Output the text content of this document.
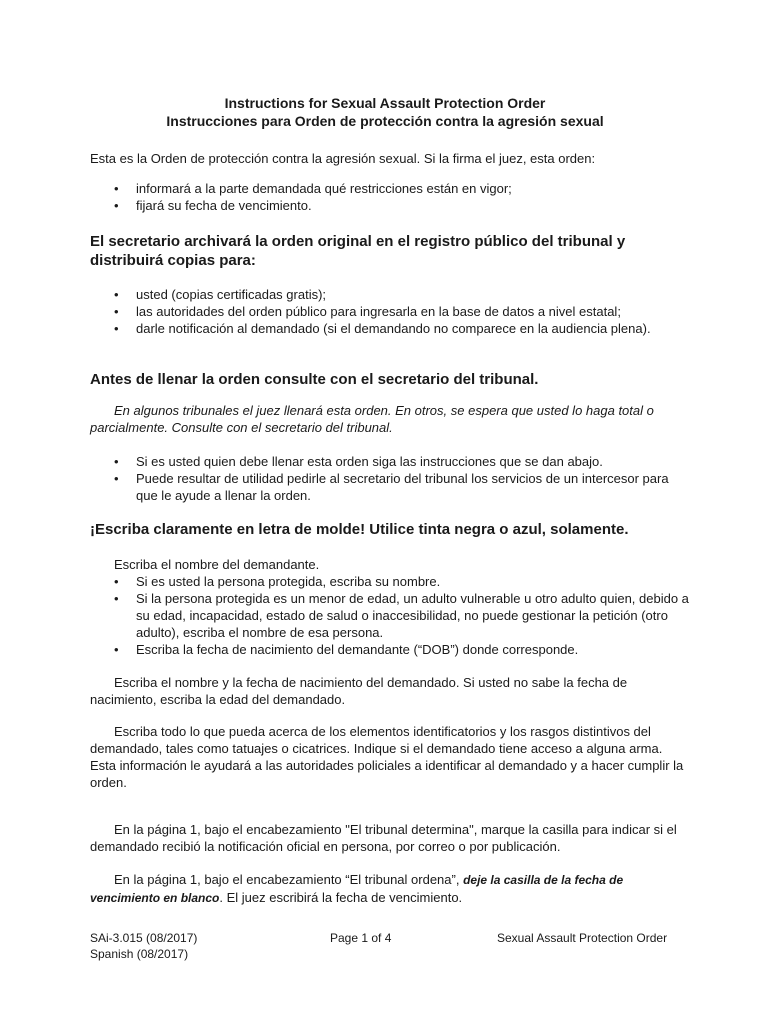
Instructions for Sexual Assault Protection Order
Instrucciones para Orden de protección contra la agresión sexual
Esta es la Orden de protección contra la agresión sexual. Si la firma el juez, esta orden:
• informará a la parte demandada qué restricciones están en vigor;
• fijará su fecha de vencimiento.
El secretario archivará la orden original en el registro público del tribunal y distribuirá copias para:
• usted (copias certificadas gratis);
• las autoridades del orden público para ingresarla en la base de datos a nivel estatal;
• darle notificación al demandado (si el demandando no comparece en la audiencia plena).
Antes de llenar la orden consulte con el secretario del tribunal.
En algunos tribunales el juez llenará esta orden. En otros, se espera que usted lo haga total o parcialmente. Consulte con el secretario del tribunal.
• Si es usted quien debe llenar esta orden siga las instrucciones que se dan abajo.
• Puede resultar de utilidad pedirle al secretario del tribunal los servicios de un intercesor para que le ayude a llenar la orden.
¡Escriba claramente en letra de molde! Utilice tinta negra o azul, solamente.
Escriba el nombre del demandante.
• Si es usted la persona protegida, escriba su nombre.
• Si la persona protegida es un menor de edad, un adulto vulnerable u otro adulto quien, debido a su edad, incapacidad, estado de salud o inaccesibilidad, no puede gestionar la petición (otro adulto), escriba el nombre de esa persona.
• Escriba la fecha de nacimiento del demandante (“DOB”) donde corresponde.
Escriba el nombre y la fecha de nacimiento del demandado. Si usted no sabe la fecha de nacimiento, escriba la edad del demandado.
Escriba todo lo que pueda acerca de los elementos identificatorios y los rasgos distintivos del demandado, tales como tatuajes o cicatrices. Indique si el demandado tiene acceso a alguna arma. Esta información le ayudará a las autoridades policiales a identificar al demandado y a hacer cumplir la orden.
En la página 1, bajo el encabezamiento "El tribunal determina", marque la casilla para indicar si el demandado recibió la notificación oficial en persona, por correo o por publicación.
En la página 1, bajo el encabezamiento “El tribunal ordena”, deje la casilla de la fecha de vencimiento en blanco. El juez escribirá la fecha de vencimiento.
SAi-3.015 (08/2017)
Spanish (08/2017)
Page 1 of 4	Sexual Assault Protection Order
